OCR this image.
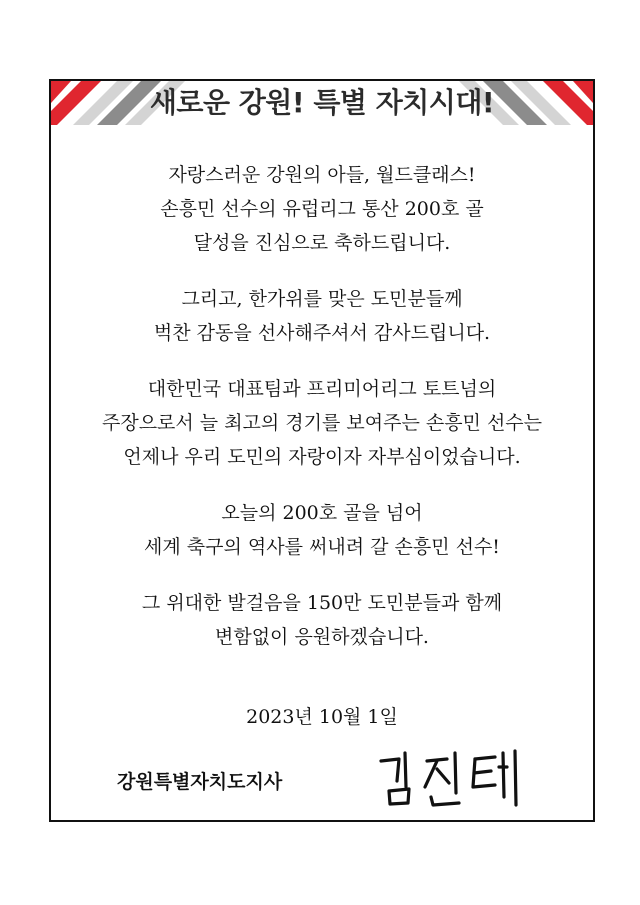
새로운 강원! 특별 자치시대!

자랑스러운 강원의 아들, 월드클래스!
손흥민 선수의 유럽리그 통산 200호 골
달성을 진심으로 축하드립니다.

그리고, 한가위를 맞은 도민분들께
벅찬 감동을 선사해주셔서 감사드립니다.

대한민국 대표팀과 프리미어리그 토트넘의
주장으로서 늘 최고의 경기를 보여주는 손흥민 선수는
언제나 우리 도민의 자랑이자 자부심이었습니다.

오늘의 200호 골을 넘어
세계 축구의 역사를 써내려 갈 손흥민 선수!

그 위대한 발걸음을 150만 도민분들과 함께
변함없이 응원하겠습니다.

2023년 10월 1일
강원특별자치도지사
